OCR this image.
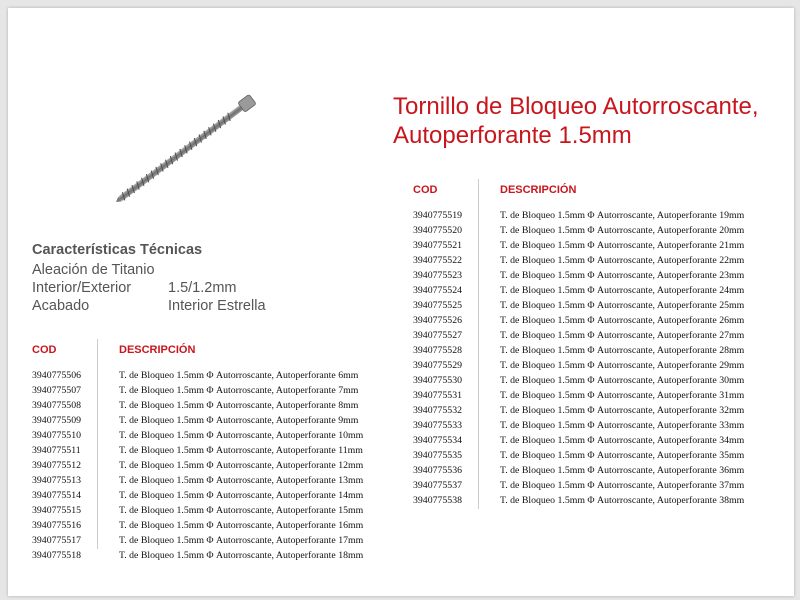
Tornillo de Bloqueo Autorroscante,
Autoperforante 1.5mm
Características Técnicas
Aleación de Titanio
Interior/Exterior	1.5/1.2mm
Acabado	Interior Estrella
COD	DESCRIPCIÓN
3940775506	T. de Bloqueo 1.5mm Φ Autorroscante, Autoperforante 6mm
3940775507	T. de Bloqueo 1.5mm Φ Autorroscante, Autoperforante 7mm
3940775508	T. de Bloqueo 1.5mm Φ Autorroscante, Autoperforante 8mm
3940775509	T. de Bloqueo 1.5mm Φ Autorroscante, Autoperforante 9mm
3940775510	T. de Bloqueo 1.5mm Φ Autorroscante, Autoperforante 10mm
3940775511	T. de Bloqueo 1.5mm Φ Autorroscante, Autoperforante 11mm
3940775512	T. de Bloqueo 1.5mm Φ Autorroscante, Autoperforante 12mm
3940775513	T. de Bloqueo 1.5mm Φ Autorroscante, Autoperforante 13mm
3940775514	T. de Bloqueo 1.5mm Φ Autorroscante, Autoperforante 14mm
3940775515	T. de Bloqueo 1.5mm Φ Autorroscante, Autoperforante 15mm
3940775516	T. de Bloqueo 1.5mm Φ Autorroscante, Autoperforante 16mm
3940775517	T. de Bloqueo 1.5mm Φ Autorroscante, Autoperforante 17mm
3940775518	T. de Bloqueo 1.5mm Φ Autorroscante, Autoperforante 18mm
COD	DESCRIPCIÓN
3940775519	T. de Bloqueo 1.5mm Φ Autorroscante, Autoperforante 19mm
3940775520	T. de Bloqueo 1.5mm Φ Autorroscante, Autoperforante 20mm
3940775521	T. de Bloqueo 1.5mm Φ Autorroscante, Autoperforante 21mm
3940775522	T. de Bloqueo 1.5mm Φ Autorroscante, Autoperforante 22mm
3940775523	T. de Bloqueo 1.5mm Φ Autorroscante, Autoperforante 23mm
3940775524	T. de Bloqueo 1.5mm Φ Autorroscante, Autoperforante 24mm
3940775525	T. de Bloqueo 1.5mm Φ Autorroscante, Autoperforante 25mm
3940775526	T. de Bloqueo 1.5mm Φ Autorroscante, Autoperforante 26mm
3940775527	T. de Bloqueo 1.5mm Φ Autorroscante, Autoperforante 27mm
3940775528	T. de Bloqueo 1.5mm Φ Autorroscante, Autoperforante 28mm
3940775529	T. de Bloqueo 1.5mm Φ Autorroscante, Autoperforante 29mm
3940775530	T. de Bloqueo 1.5mm Φ Autorroscante, Autoperforante 30mm
3940775531	T. de Bloqueo 1.5mm Φ Autorroscante, Autoperforante 31mm
3940775532	T. de Bloqueo 1.5mm Φ Autorroscante, Autoperforante 32mm
3940775533	T. de Bloqueo 1.5mm Φ Autorroscante, Autoperforante 33mm
3940775534	T. de Bloqueo 1.5mm Φ Autorroscante, Autoperforante 34mm
3940775535	T. de Bloqueo 1.5mm Φ Autorroscante, Autoperforante 35mm
3940775536	T. de Bloqueo 1.5mm Φ Autorroscante, Autoperforante 36mm
3940775537	T. de Bloqueo 1.5mm Φ Autorroscante, Autoperforante 37mm
3940775538	T. de Bloqueo 1.5mm Φ Autorroscante, Autoperforante 38mm
